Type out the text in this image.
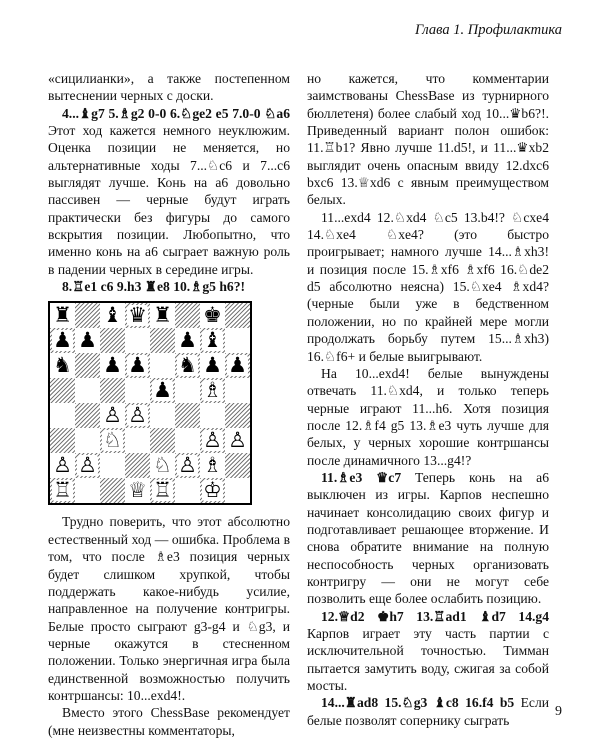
Глава 1. Профилактика

«сицилианки», а также постепенном вытеснении черных с доски.

4...♝g7 5.♗g2 0-0 6.♘ge2 e5 7.0-0 ♘a6 Этот ход кажется немного неуклюжим. Оценка позиции не меняется, но альтернативные ходы 7...♘c6 и 7...c6 выглядят лучше. Конь на a6 довольно пассивен — черные будут играть практически без фигуры до самого вскрытия позиции. Любопытно, что именно конь на a6 сыграет важную роль в падении черных в середине игры.

8.♖e1 c6 9.h3 ♜e8 10.♗g5 h6?!

♜ ♝ ♛ ♜ ♚
♟ ♟	♟ ♝
♞ ♟ ♟ ♞ ♟ ♟
♟ ♗
♙ ♙
♘	♙ ♙
♙ ♙	♘ ♙ ♗
♖	♕ ♖ ♔

Трудно поверить, что этот абсолютно естественный ход — ошибка. Проблема в том, что после ♗e3 позиция черных будет слишком хрупкой, чтобы поддержать какое-нибудь усилие, направленное на получение контригры. Белые просто сыграют g3-g4 и ♘g3, и черные окажутся в стесненном положении. Только энергичная игра была единственной возможностью получить контршансы: 10...exd4!.

Вместо этого ChessBase рекомендует (мне неизвестны комментаторы,

но кажется, что комментарии заимствованы ChessBase из турнирного бюллетеня) более слабый ход 10...♛b6?!. Приведенный вариант полон ошибок: 11.♖b1? Явно лучше 11.d5!, и 11...♛xb2 выглядит очень опасным ввиду 12.dxc6 bxc6 13.♕xd6 с явным преимуществом белых.

11...exd4 12.♘xd4 ♘c5 13.b4!? ♘cxe4 14.♘xe4 ♘xe4? (это быстро проигрывает; намного лучше 14...♗xh3! и позиция после 15.♗xf6 ♗xf6 16.♘de2 d5 абсолютно неясна) 15.♘xe4 ♗xd4? (черные были уже в бедственном положении, но по крайней мере могли продолжать борьбу путем 15...♗xh3) 16.♘f6+ и белые выигрывают.

На 10...exd4! белые вынуждены отвечать 11.♘xd4, и только теперь черные играют 11...h6. Хотя позиция после 12.♗f4 g5 13.♗e3 чуть лучше для белых, у черных хорошие контршансы после динамичного 13...g4!?

11.♗e3 ♛c7 Теперь конь на a6 выключен из игры. Карпов неспешно начинает консолидацию своих фигур и подготавливает решающее вторжение. И снова обратите внимание на полную неспособность черных организовать контригру — они не могут себе позволить еще более ослабить позицию.

12.♕d2 ♚h7 13.♖ad1 ♝d7 14.g4 Карпов играет эту часть партии с исключительной точностью. Тимман пытается замутить воду, сжигая за собой мосты.

14...♜ad8 15.♘g3 ♝c8 16.f4 b5 Если белые позволят сопернику сыграть

9
